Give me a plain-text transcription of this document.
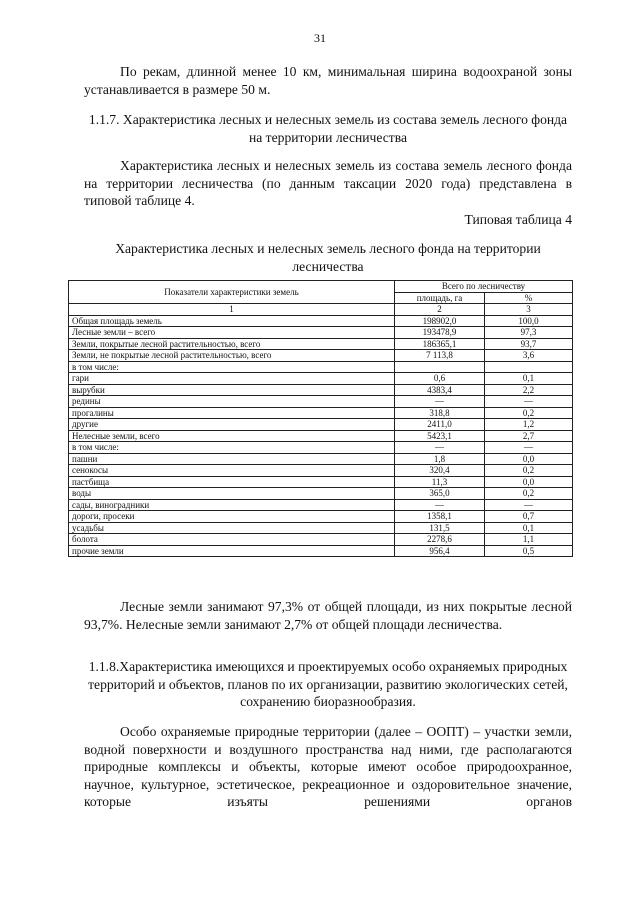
31

По рекам, длинной менее 10 км, минимальная ширина водоохраной зоны устанавливается в размере 50 м.

1.1.7. Характеристика лесных и нелесных земель из состава земель лесного фонда на территории лесничества

Характеристика лесных и нелесных земель из состава земель лесного фонда на территории лесничества (по данным таксации 2020 года) представлена в типовой таблице 4.

Типовая таблица 4

Характеристика лесных и нелесных земель лесного фонда на территории лесничества

Показатели характеристики земель	Всего по лесничеству	
	площадь, га	%
1	2	3
Общая площадь земель	198902,0	100,0
Лесные земли – всего	193478,9	97,3
Земли, покрытые лесной растительностью, всего	186365,1	93,7
Земли, не покрытые лесной растительностью, всего	7 113,8	3,6
в том числе:		
гари	0,6	0,1
вырубки	4383,4	2,2
редины	—	—
прогалины	318,8	0,2
другие	2411,0	1,2
Нелесные земли, всего	5423,1	2,7
в том числе:	—	—
пашни	1,8	0,0
сенокосы	320,4	0,2
пастбища	11,3	0,0
воды	365,0	0,2
сады, виноградники	—	—
дороги, просеки	1358,1	0,7
усадьбы	131,5	0,1
болота	2278,6	1,1
прочие земли	956,4	0,5

Лесные земли занимают 97,3% от общей площади, из них покрытые лесной 93,7%. Нелесные земли занимают 2,7% от общей площади лесничества.

1.1.8.Характеристика имеющихся и проектируемых особо охраняемых природных территорий и объектов, планов по их организации, развитию экологических сетей, сохранению биоразнообразия.

Особо охраняемые природные территории (далее – ООПТ) – участки земли, водной поверхности и воздушного пространства над ними, где располагаются природные комплексы и объекты, которые имеют особое природоохранное, научное, культурное, эстетическое, рекреационное и оздоровительное значение, которые изъяты решениями органов
